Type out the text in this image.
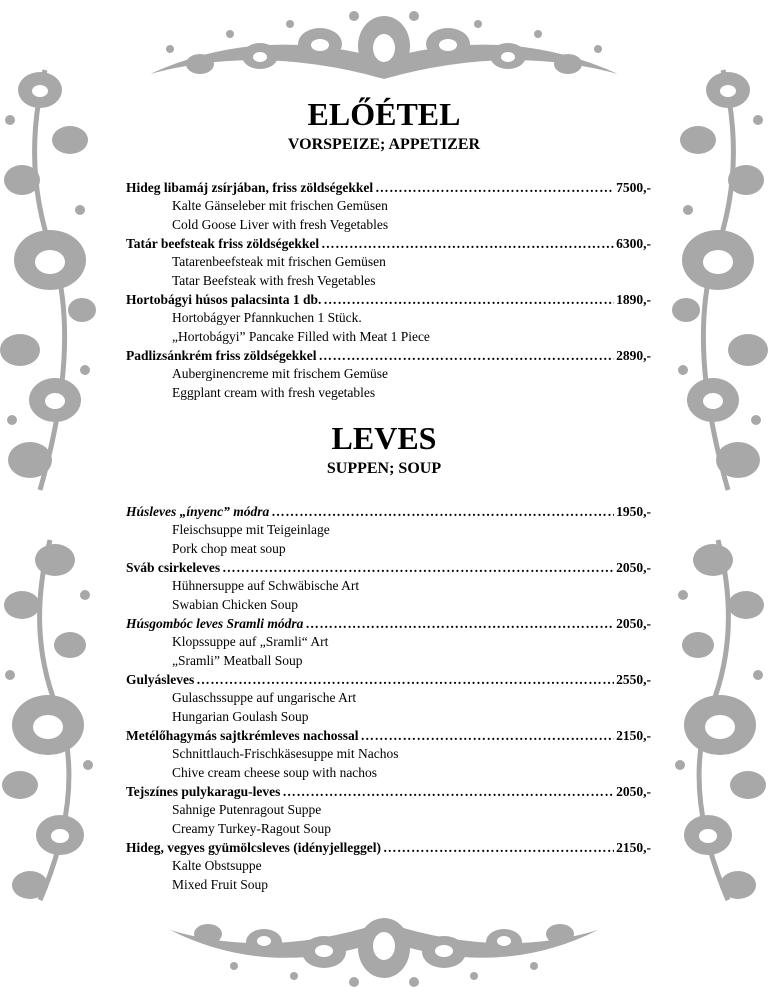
ELŐÉTEL
VORSPEIZE; APPETIZER
Hideg libamáj zsírjában, friss zöldségekkel ………………………………………………………………………………………………………………………………………………………………………………	7500,-
Kalte Gänseleber mit frischen Gemüsen
Cold Goose Liver with fresh Vegetables
Tatár beefsteak friss zöldségekkel ………………………………………………………………………………………………………………………………………………………………………………	6300,-
Tatarenbeefsteak mit frischen Gemüsen
Tatar Beefsteak with fresh Vegetables
Hortobágyi húsos palacsinta 1 db. ………………………………………………………………………………………………………………………………………………………………………………	1890,-
Hortobágyer Pfannkuchen 1 Stück.
„Hortobágyi” Pancake Filled with Meat 1 Piece
Padlizsánkrém friss zöldségekkel ………………………………………………………………………………………………………………………………………………………………………………	2890,-
Auberginencreme mit frischem Gemüse
Eggplant cream with fresh vegetables
LEVES
SUPPEN; SOUP
Húsleves „ínyenc” módra ………………………………………………………………………………………………………………………………………………………………………………	1950,-
Fleischsuppe mit Teigeinlage
Pork chop meat soup
Sváb csirkeleves ………………………………………………………………………………………………………………………………………………………………………………	2050,-
Hühnersuppe auf Schwäbische Art
Swabian Chicken Soup
Húsgombóc leves Sramli módra ………………………………………………………………………………………………………………………………………………………………………………	2050,-
Klopssuppe auf „Sramli“ Art
„Sramli” Meatball Soup
Gulyásleves ………………………………………………………………………………………………………………………………………………………………………………	2550,-
Gulaschssuppe auf ungarische Art
Hungarian Goulash Soup
Metélőhagymás sajtkrémleves nachossal ………………………………………………………………………………………………………………………………………………………………………………	2150,-
Schnittlauch-Frischkäsesuppe mit Nachos
Chive cream cheese soup with nachos
Tejszínes pulykaragu-leves ………………………………………………………………………………………………………………………………………………………………………………	2050,-
Sahnige Putenragout Suppe
Creamy Turkey-Ragout Soup
Hideg, vegyes gyümölcsleves (idényjelleggel) ………………………………………………………………………………………………………………………………………………………………………………	2150,-
Kalte Obstsuppe
Mixed Fruit Soup
